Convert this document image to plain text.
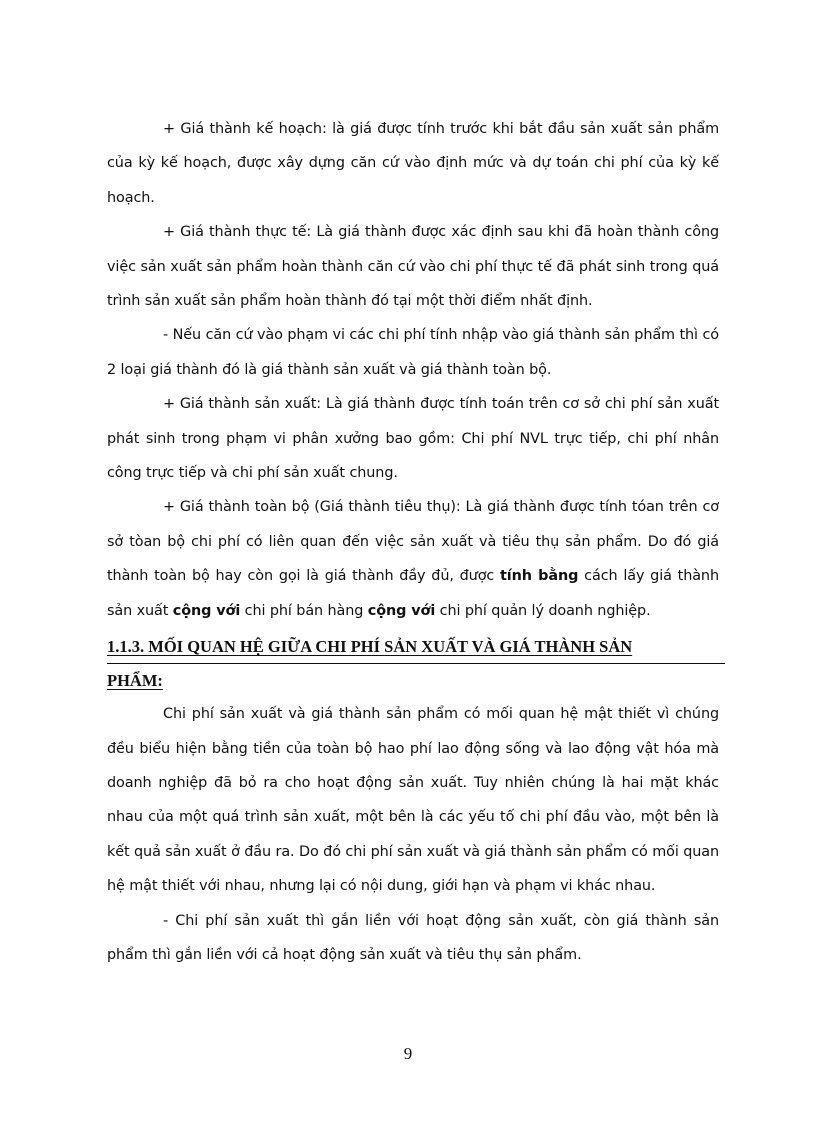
+ Giá thành kế hoạch: là giá được tính trước khi bắt đầu sản xuất sản phẩm của kỳ kế hoạch, được xây dựng căn cứ vào định mức và dự toán chi phí của kỳ kế hoạch.

+ Giá thành thực tế: Là giá thành được xác định sau khi đã hoàn thành công việc sản xuất sản phẩm hoàn thành căn cứ vào chi phí thực tế đã phát sinh trong quá trình sản xuất sản phẩm hoàn thành đó tại một thời điểm nhất định.

- Nếu căn cứ vào phạm vi các chi phí tính nhập vào giá thành sản phẩm thì có 2 loại giá thành đó là giá thành sản xuất và giá thành toàn bộ.

+ Giá thành sản xuất: Là giá thành được tính toán trên cơ sở chi phí sản xuất phát sinh trong phạm vi phân xưởng bao gồm: Chi phí NVL trực tiếp, chi phí nhân công trực tiếp và chi phí sản xuất chung.

+ Giá thành toàn bộ (Giá thành tiêu thụ): Là giá thành được tính tóan trên cơ sở tòan bộ chi phí có liên quan đến việc sản xuất và tiêu thụ sản phẩm. Do đó giá thành toàn bộ hay còn gọi là giá thành đầy đủ, được tính bằng cách lấy giá thành sản xuất cộng với chi phí bán hàng cộng với chi phí quản lý doanh nghiệp.

1.1.3. MỐI QUAN HỆ GIỮA CHI PHÍ SẢN XUẤT VÀ GIÁ THÀNH SẢN
PHẨM:

Chi phí sản xuất và giá thành sản phẩm có mối quan hệ mật thiết vì chúng đều biểu hiện bằng tiền của toàn bộ hao phí lao động sống và lao động vật hóa mà doanh nghiệp đã bỏ ra cho hoạt động sản xuất. Tuy nhiên chúng là hai mặt khác nhau của một quá trình sản xuất, một bên là các yếu tố chi phí đầu vào, một bên là kết quả sản xuất ở đầu ra. Do đó chi phí sản xuất và giá thành sản phẩm có mối quan hệ mật thiết với nhau, nhưng lại có nội dung, giới hạn và phạm vi khác nhau.

- Chi phí sản xuất thì gắn liền với hoạt động sản xuất, còn giá thành sản phẩm thì gắn liền với cả hoạt động sản xuất và tiêu thụ sản phẩm.

9
